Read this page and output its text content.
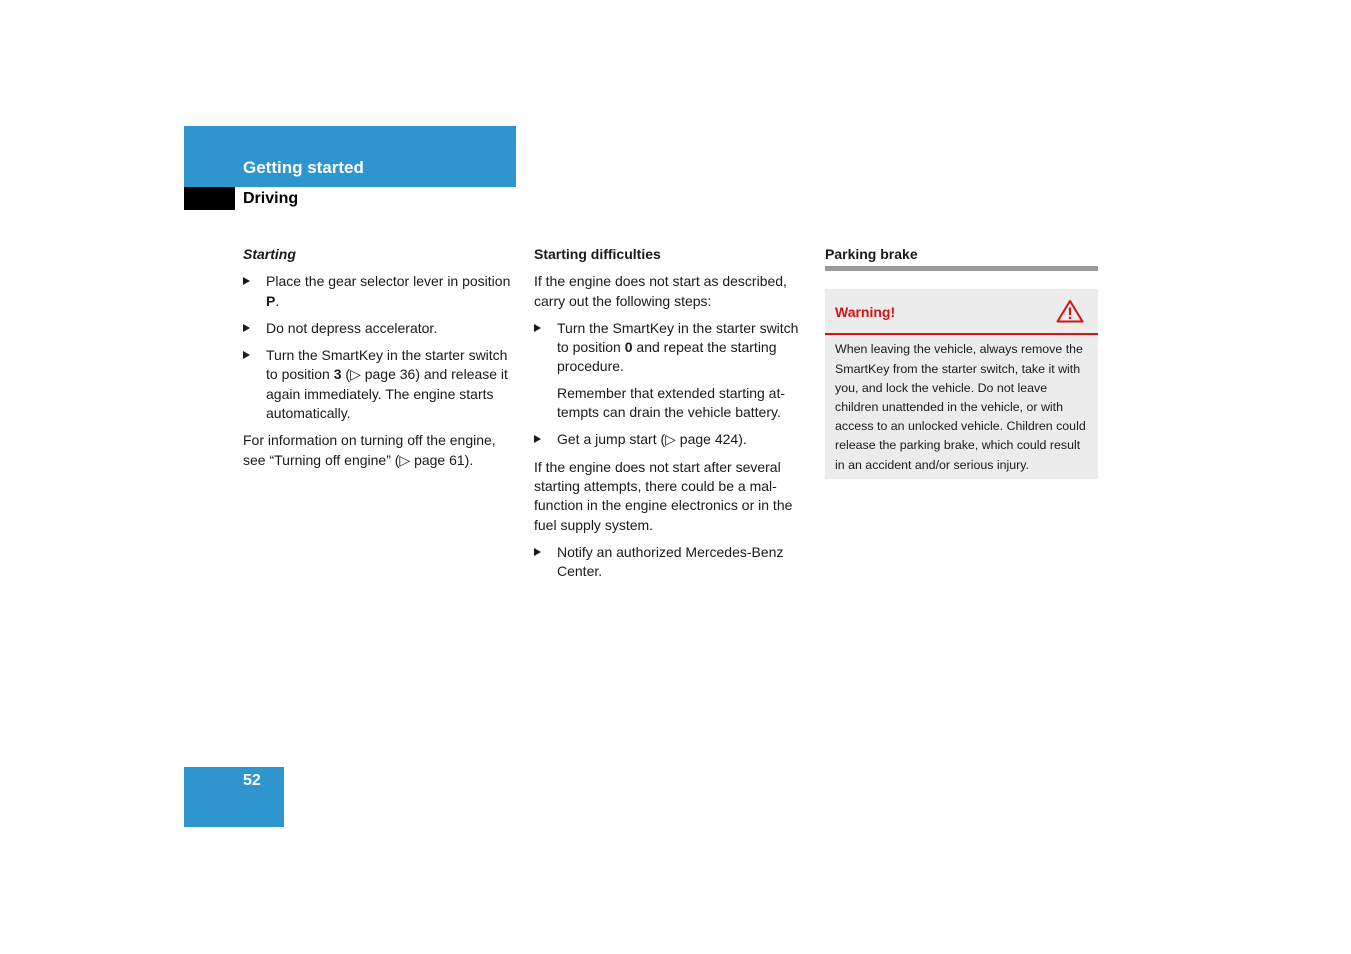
Getting started
Driving
Starting
Place the gear selector lever in position P.
Do not depress accelerator.
Turn the SmartKey in the starter switch to position 3 (▷ page 36) and release it again immediately. The engine starts automatically.

For information on turning off the engine, see “Turning off engine” (▷ page 61).

Starting difficulties

If the engine does not start as described, carry out the following steps:

Turn the SmartKey in the starter switch to position 0 and repeat the starting procedure.
Remember that extended starting at-tempts can drain the vehicle battery.
Get a jump start (▷ page 424).

If the engine does not start after several starting attempts, there could be a mal-function in the engine electronics or in the fuel supply system.

Notify an authorized Mercedes-Benz Center.
Parking brake
Warning!
When leaving the vehicle, always remove the SmartKey from the starter switch, take it with you, and lock the vehicle. Do not leave children unattended in the vehicle, or with access to an unlocked vehicle. Children could release the parking brake, which could result in an accident and/or serious injury.
52
